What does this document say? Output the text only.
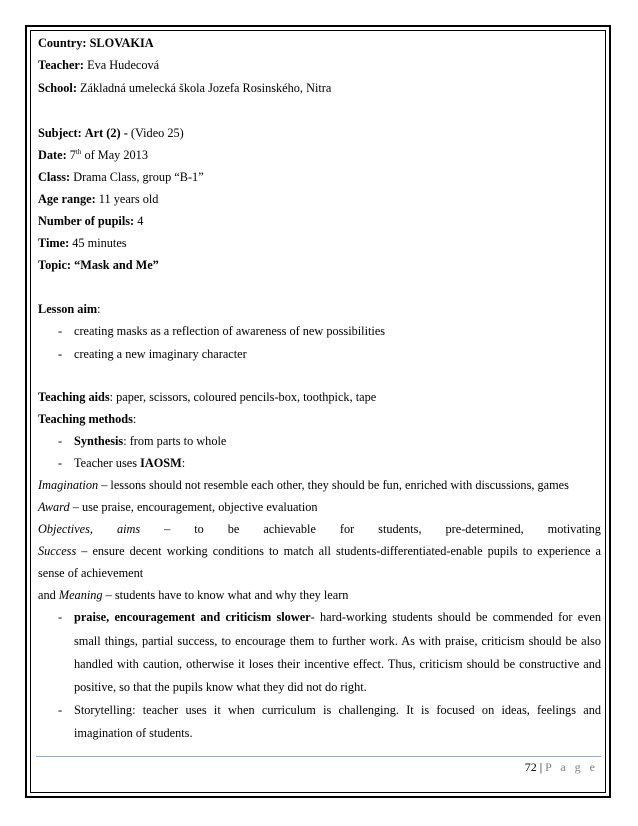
Country: SLOVAKIA
Teacher: Eva Hudecová
School: Základná umelecká škola Jozefa Rosinského, Nitra
Subject: Art (2) - (Video 25)
Date: 7th of May 2013
Class: Drama Class, group “B-1”
Age range: 11 years old
Number of pupils: 4
Time: 45 minutes
Topic: “Mask and Me”
Lesson aim:
- creating masks as a reflection of awareness of new possibilities
- creating a new imaginary character
Teaching aids: paper, scissors, coloured pencils-box, toothpick, tape
Teaching methods:
- Synthesis: from parts to whole
- Teacher uses IAOSM:
Imagination – lessons should not resemble each other, they should be fun, enriched with discussions, games
Award – use praise, encouragement, objective evaluation
Objectives, aims – to be achievable for students, pre-determined, motivating
Success – ensure decent working conditions to match all students-differentiated-enable pupils to experience a
sense of achievement
and Meaning – students have to know what and why they learn
- praise, encouragement and criticism slower- hard-working students should be commended for even
small things, partial success, to encourage them to further work. As with praise, criticism should be also
handled with caution, otherwise it loses their incentive effect. Thus, criticism should be constructive and
positive, so that the pupils know what they did not do right.
- Storytelling: teacher uses it when curriculum is challenging. It is focused on ideas, feelings and
imagination of students.
72 | P a g e
